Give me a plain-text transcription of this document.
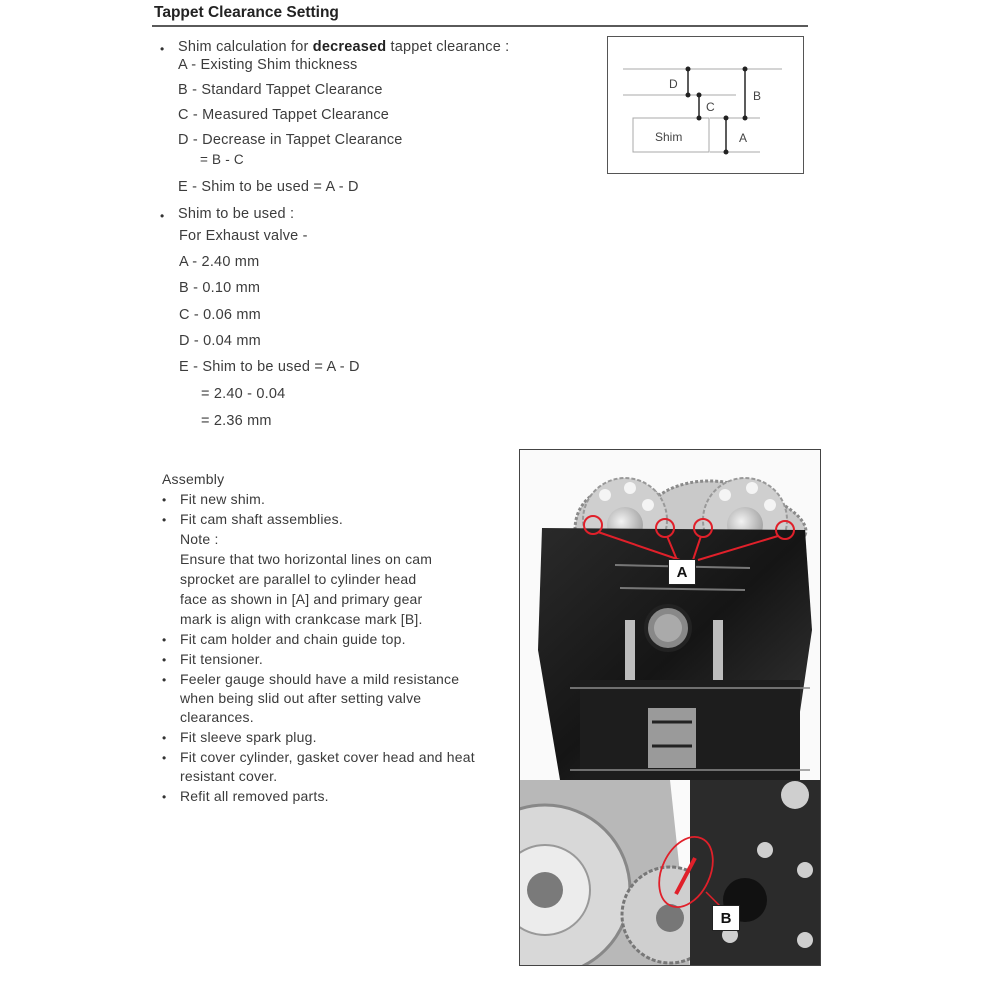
Tappet Clearance Setting
• Shim calculation for decreased tappet clearance :
A - Existing Shim thickness
B - Standard Tappet Clearance
C - Measured Tappet Clearance
D - Decrease in Tappet Clearance
= B - C
E - Shim to be used = A - D
• Shim to be used :
For Exhaust valve -
A - 2.40 mm
B - 0.10 mm
C - 0.06 mm
D - 0.04 mm
E - Shim to be used = A - D
= 2.40 - 0.04
= 2.36 mm
D
C
B
Shim	A
Assembly
• Fit new shim.
• Fit cam shaft assemblies.
Note :
Ensure that two horizontal lines on cam
sprocket are parallel to cylinder head
face as shown in [A] and primary gear
mark is align with crankcase mark [B].
• Fit cam holder and chain guide top.
• Fit tensioner.
• Feeler gauge should have a mild resistance
when being slid out after setting valve
clearances.
• Fit sleeve spark plug.
• Fit cover cylinder, gasket cover head and heat
resistant cover.
• Refit all removed parts.
A
B
